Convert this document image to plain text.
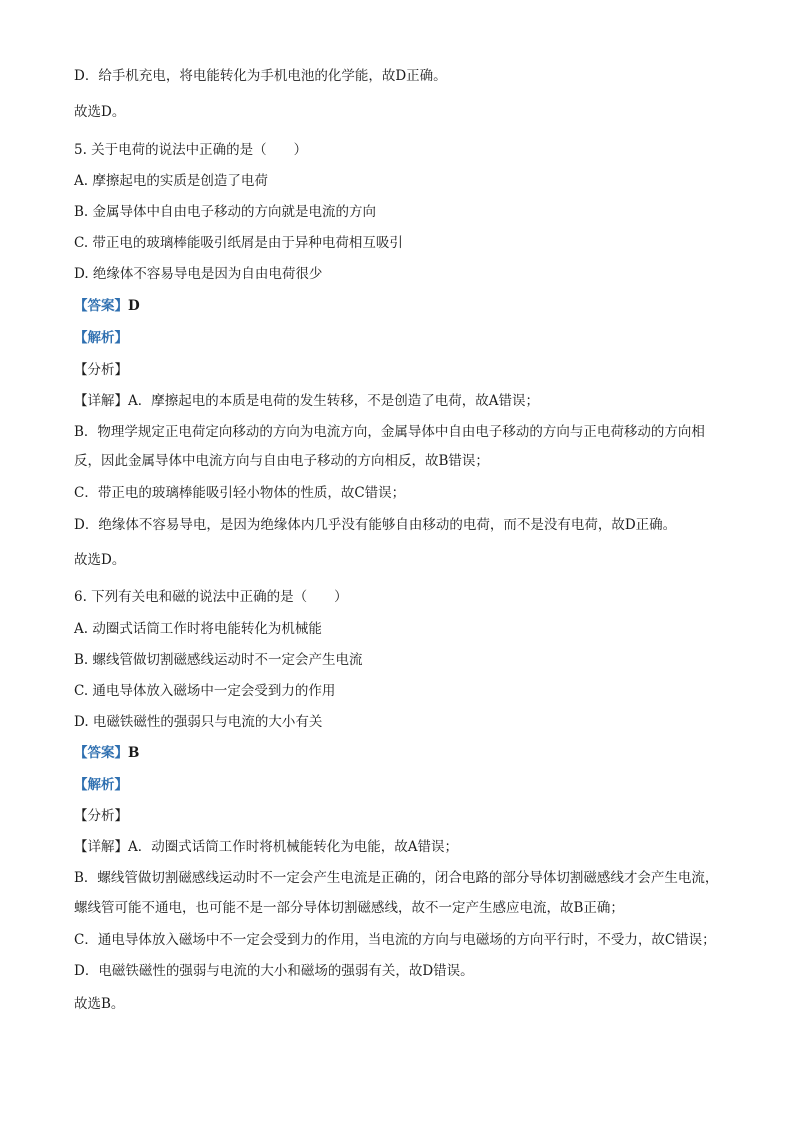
D．给手机充电，将电能转化为手机电池的化学能，故D正确。
故选D。
5. 关于电荷的说法中正确的是（　　）
A. 摩擦起电的实质是创造了电荷
B. 金属导体中自由电子移动的方向就是电流的方向
C. 带正电的玻璃棒能吸引纸屑是由于异种电荷相互吸引
D. 绝缘体不容易导电是因为自由电荷很少
【答案】D
【解析】
【分析】
【详解】A．摩擦起电的本质是电荷的发生转移，不是创造了电荷，故A错误；
B．物理学规定正电荷定向移动的方向为电流方向，金属导体中自由电子移动的方向与正电荷移动的方向相
反，因此金属导体中电流方向与自由电子移动的方向相反，故B错误；
C．带正电的玻璃棒能吸引轻小物体的性质，故C错误；
D．绝缘体不容易导电，是因为绝缘体内几乎没有能够自由移动的电荷，而不是没有电荷，故D正确。
故选D。
6. 下列有关电和磁的说法中正确的是（　　）
A. 动圈式话筒工作时将电能转化为机械能
B. 螺线管做切割磁感线运动时不一定会产生电流
C. 通电导体放入磁场中一定会受到力的作用
D. 电磁铁磁性的强弱只与电流的大小有关
【答案】B
【解析】
【分析】
【详解】A．动圈式话筒工作时将机械能转化为电能，故A错误；
B．螺线管做切割磁感线运动时不一定会产生电流是正确的，闭合电路的部分导体切割磁感线才会产生电流，
螺线管可能不通电，也可能不是一部分导体切割磁感线，故不一定产生感应电流，故B正确；
C．通电导体放入磁场中不一定会受到力的作用，当电流的方向与电磁场的方向平行时，不受力，故C错误；
D．电磁铁磁性的强弱与电流的大小和磁场的强弱有关，故D错误。
故选B。
